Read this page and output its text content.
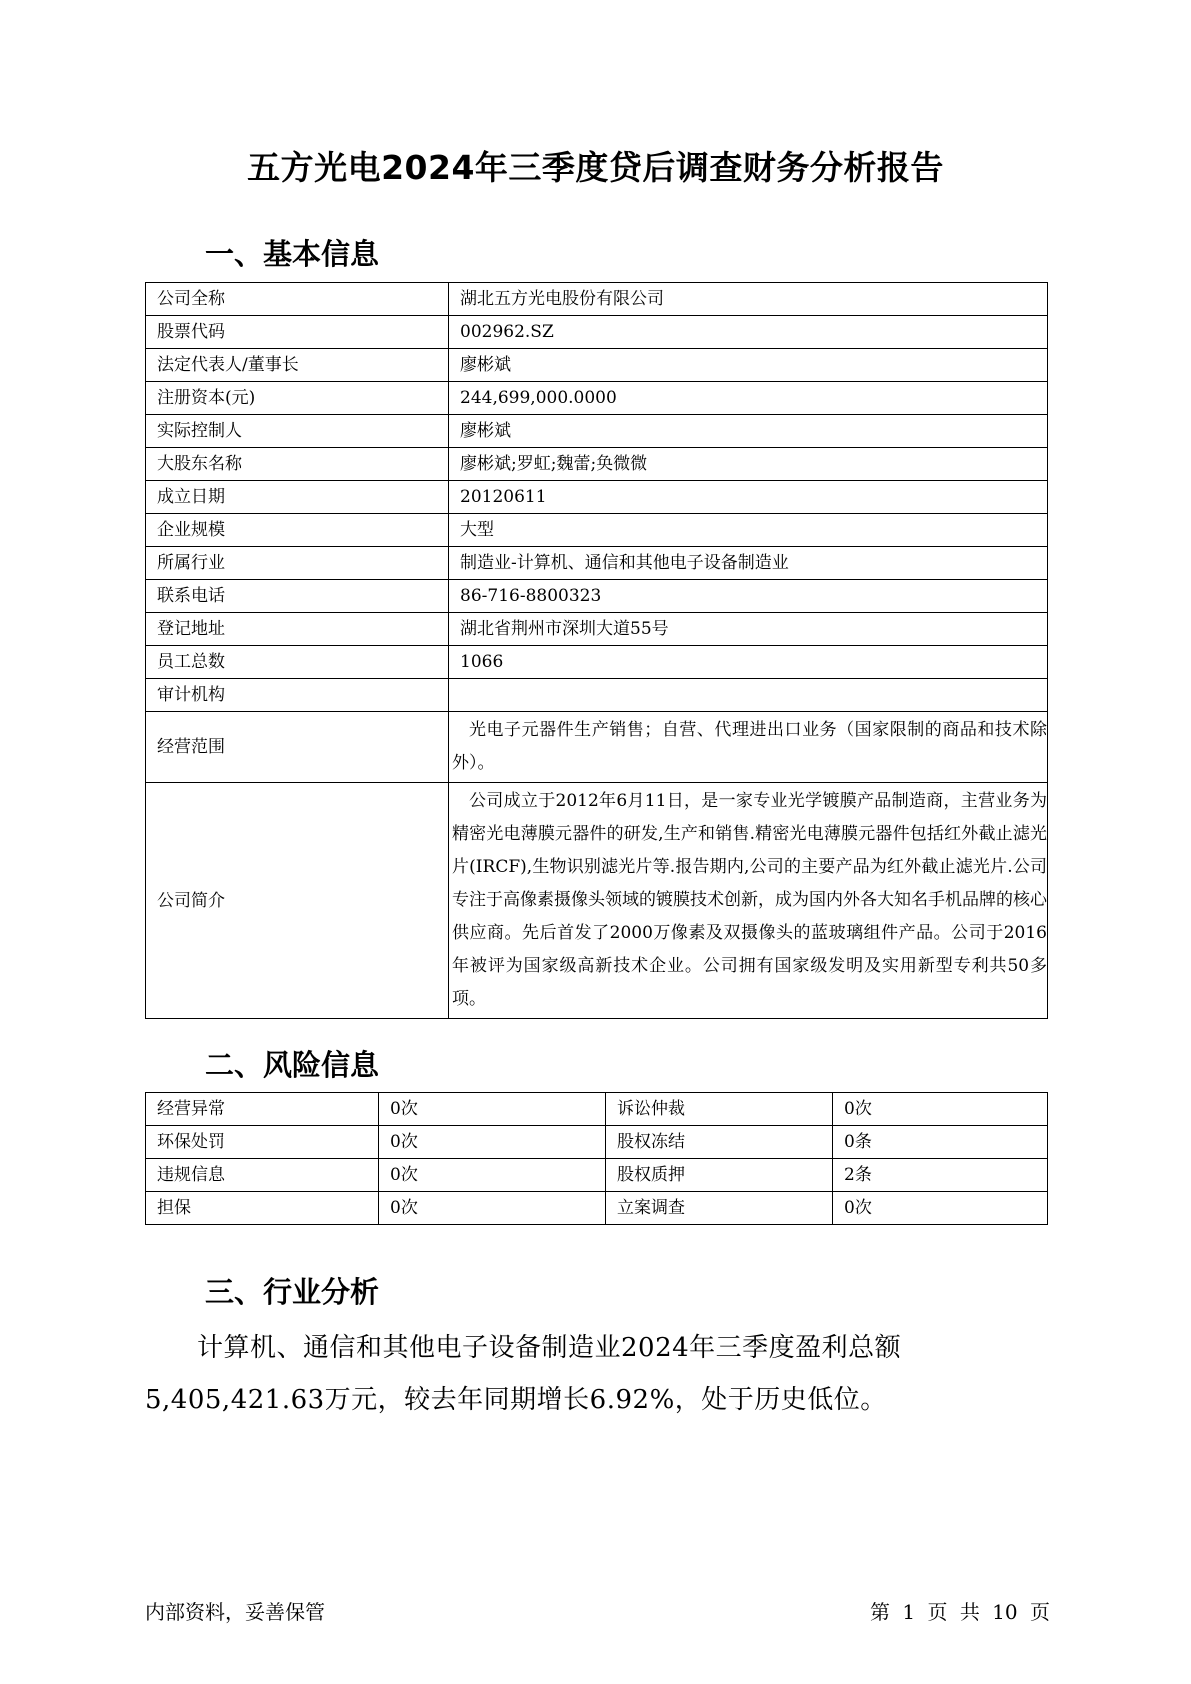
五方光电2024年三季度贷后调查财务分析报告
一、基本信息
公司全称	湖北五方光电股份有限公司
股票代码	002962.SZ
法定代表人/董事长	廖彬斌
注册资本(元)	244,699,000.0000
实际控制人	廖彬斌
大股东名称	廖彬斌;罗虹;魏蕾;奂微微
成立日期	20120611
企业规模	大型
所属行业	制造业-计算机、通信和其他电子设备制造业
联系电话	86-716-8800323
登记地址	湖北省荆州市深圳大道55号
员工总数	1066
审计机构	
经营范围	光电子元器件生产销售；自营、代理进出口业务（国家限制的商品和技术除外）。
公司简介	公司成立于2012年6月11日，是一家专业光学镀膜产品制造商，主营业务为精密光电薄膜元器件的研发,生产和销售.精密光电薄膜元器件包括红外截止滤光片(IRCF),生物识别滤光片等.报告期内,公司的主要产品为红外截止滤光片.公司专注于高像素摄像头领域的镀膜技术创新，成为国内外各大知名手机品牌的核心供应商。先后首发了2000万像素及双摄像头的蓝玻璃组件产品。公司于2016年被评为国家级高新技术企业。公司拥有国家级发明及实用新型专利共50多项。
二、风险信息
经营异常	0次	诉讼仲裁	0次
环保处罚	0次	股权冻结	0条
违规信息	0次	股权质押	2条
担保	0次	立案调查	0次
三、行业分析
计算机、通信和其他电子设备制造业2024年三季度盈利总额5,405,421.63万元，较去年同期增长6.92%，处于历史低位。
内部资料，妥善保管	第 1 页 共 10 页
